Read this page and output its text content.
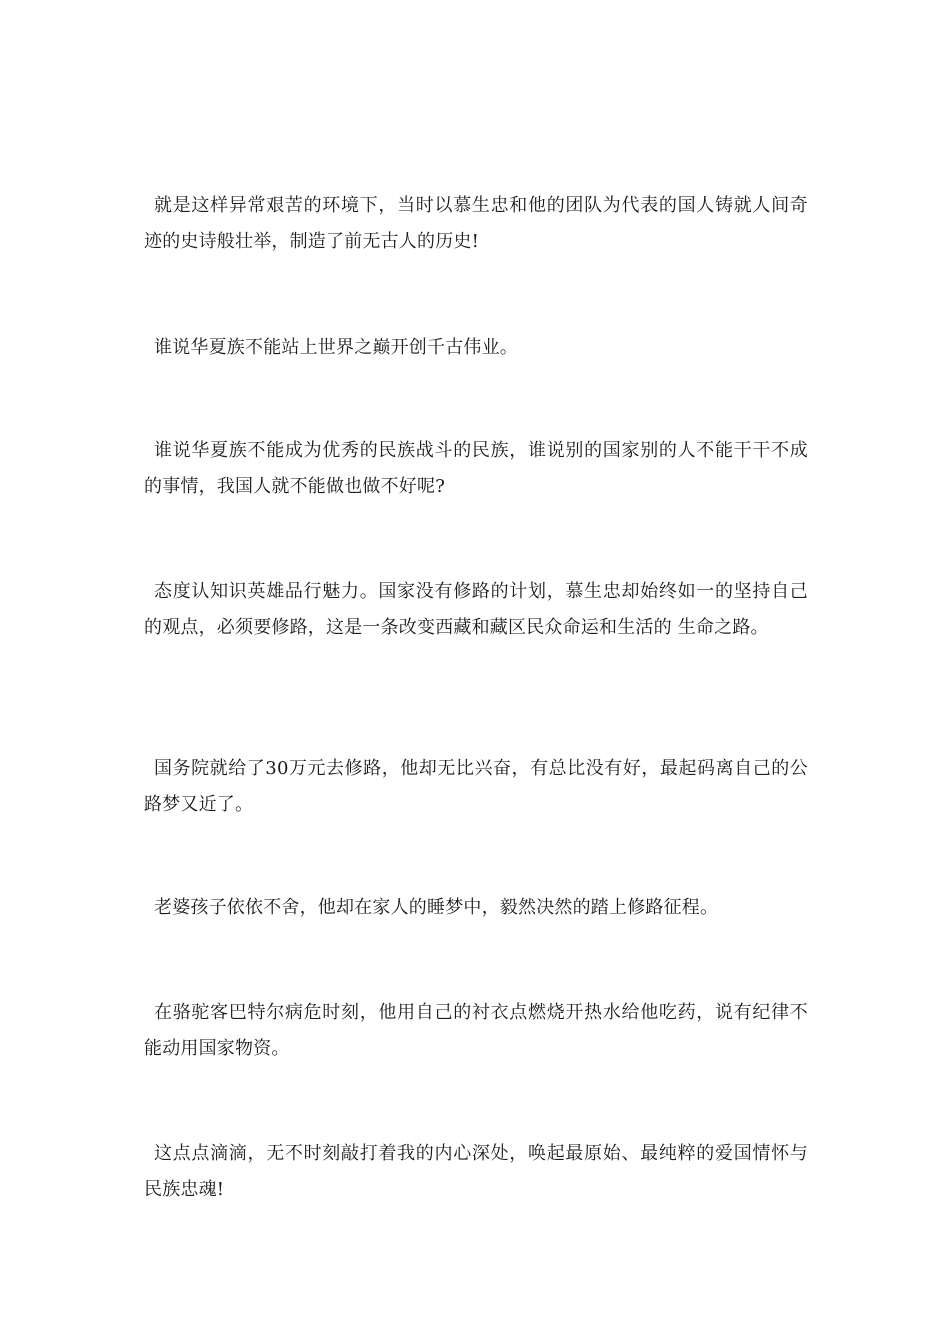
就是这样异常艰苦的环境下，当时以慕生忠和他的团队为代表的国人铸就人间奇迹的史诗般壮举，制造了前无古人的历史!

谁说华夏族不能站上世界之巅开创千古伟业。

谁说华夏族不能成为优秀的民族战斗的民族，谁说别的国家别的人不能干干不成的事情，我国人就不能做也做不好呢?

态度认知识英雄品行魅力。国家没有修路的计划，慕生忠却始终如一的坚持自己的观点，必须要修路，这是一条改变西藏和藏区民众命运和生活的 生命之路。

国务院就给了30万元去修路，他却无比兴奋，有总比没有好，最起码离自己的公路梦又近了。

老婆孩子依依不舍，他却在家人的睡梦中，毅然决然的踏上修路征程。

在骆驼客巴特尔病危时刻，他用自己的衬衣点燃烧开热水给他吃药，说有纪律不能动用国家物资。

这点点滴滴，无不时刻敲打着我的内心深处，唤起最原始、最纯粹的爱国情怀与民族忠魂!
